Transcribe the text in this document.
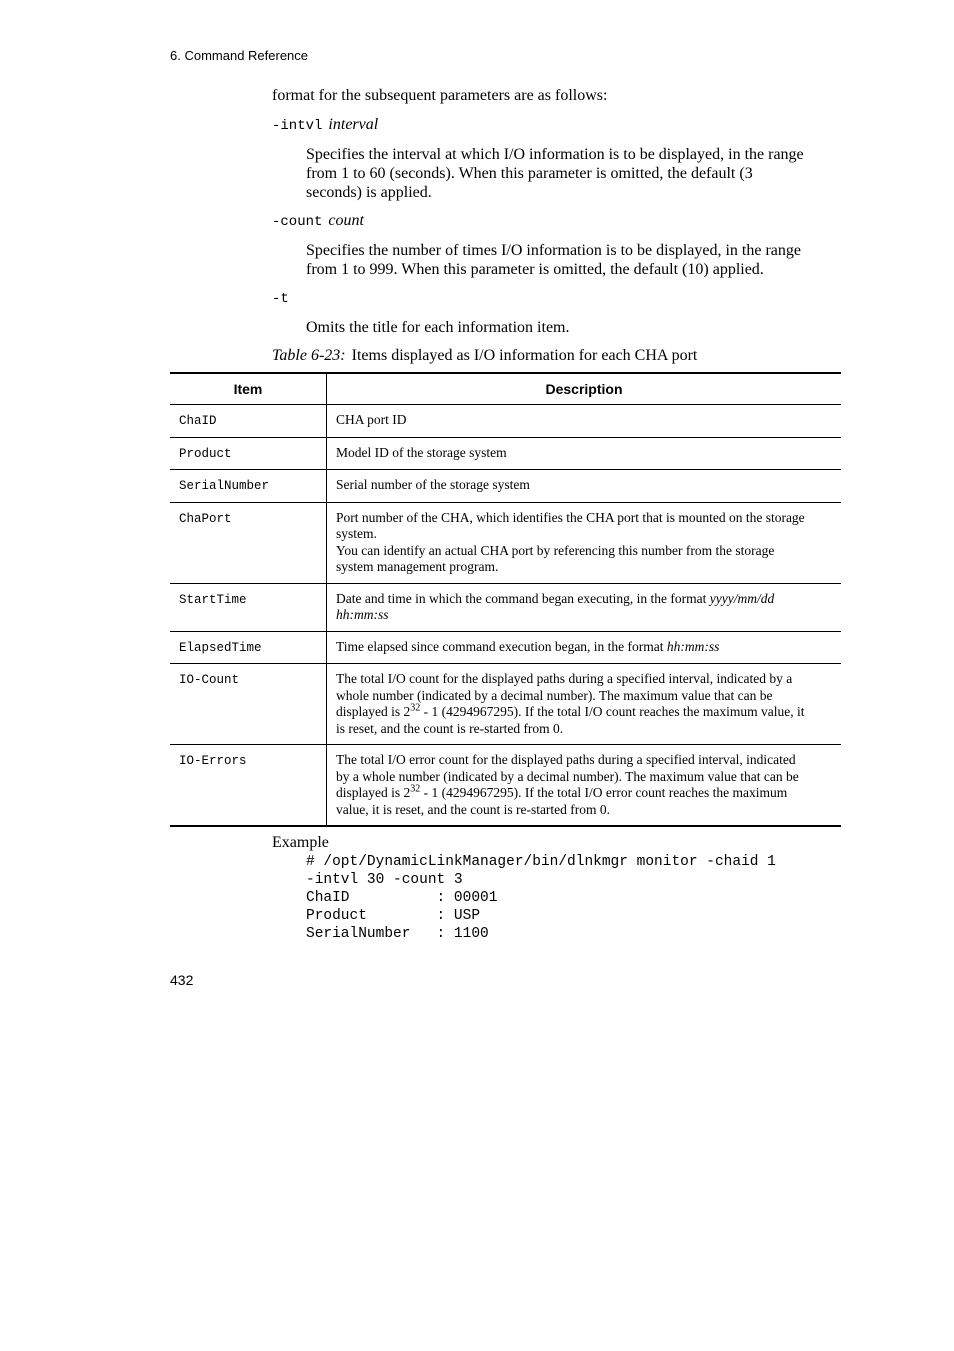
6. Command Reference
format for the subsequent parameters are as follows:
-intvl interval
Specifies the interval at which I/O information is to be displayed, in the range
from 1 to 60 (seconds). When this parameter is omitted, the default (3
seconds) is applied.
-count count
Specifies the number of times I/O information is to be displayed, in the range
from 1 to 999. When this parameter is omitted, the default (10) applied.
-t
Omits the title for each information item.
Table 6-23: Items displayed as I/O information for each CHA port
Item	Description
ChaID	CHA port ID

Product	Model ID of the storage system

SerialNumber	Serial number of the storage system

ChaPort	Port number of the CHA, which identifies the CHA port that is mounted on the storage
system.
You can identify an actual CHA port by referencing this number from the storage
system management program.

StartTime	Date and time in which the command began executing, in the format yyyy/mm/dd
hh:mm:ss

ElapsedTime	Time elapsed since command execution began, in the format hh:mm:ss

IO-Count	The total I/O count for the displayed paths during a specified interval, indicated by a
whole number (indicated by a decimal number). The maximum value that can be
displayed is $2^{32} - 1$ (4294967295). If the total I/O count reaches the maximum value, it
is reset, and the count is re-started from 0.

IO-Errors	The total I/O error count for the displayed paths during a specified interval, indicated
by a whole number (indicated by a decimal number). The maximum value that can be
displayed is $2^{32} - 1$ (4294967295). If the total I/O error count reaches the maximum
value, it is reset, and the count is re-started from 0.
Example
# /opt/DynamicLinkManager/bin/dlnkmgr monitor -chaid 1
-intvl 30 -count 3
ChaID          : 00001
Product        : USP
SerialNumber   : 1100
432
